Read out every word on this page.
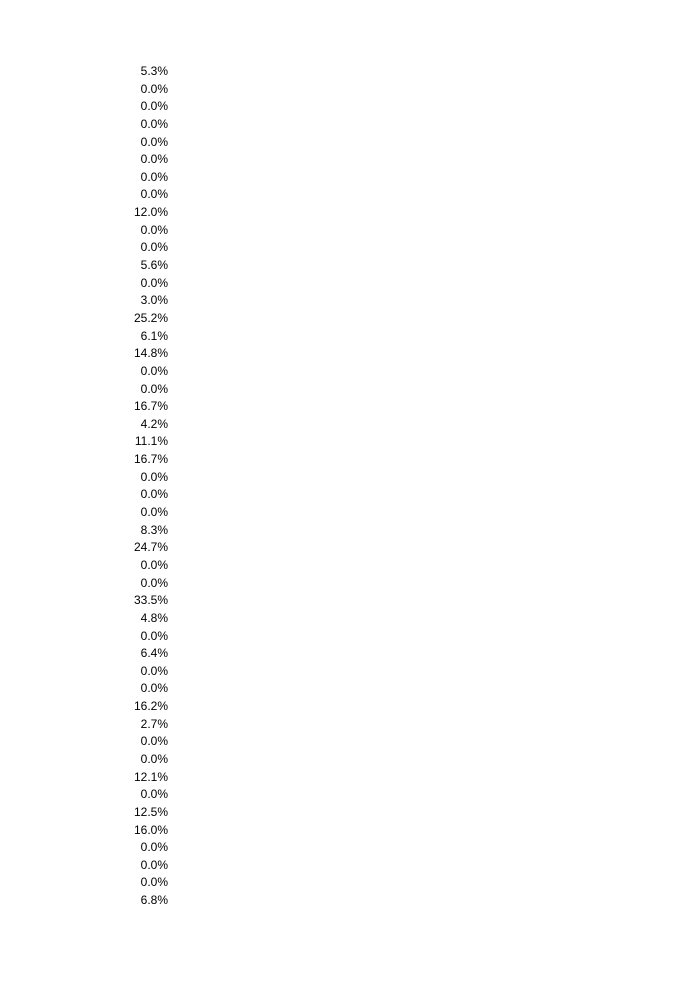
5.3%
0.0%
0.0%
0.0%
0.0%
0.0%
0.0%
0.0%
12.0%
0.0%
0.0%
5.6%
0.0%
3.0%
25.2%
6.1%
14.8%
0.0%
0.0%
16.7%
4.2%
11.1%
16.7%
0.0%
0.0%
0.0%
8.3%
24.7%
0.0%
0.0%
33.5%
4.8%
0.0%
6.4%
0.0%
0.0%
16.2%
2.7%
0.0%
0.0%
12.1%
0.0%
12.5%
16.0%
0.0%
0.0%
0.0%
6.8%
